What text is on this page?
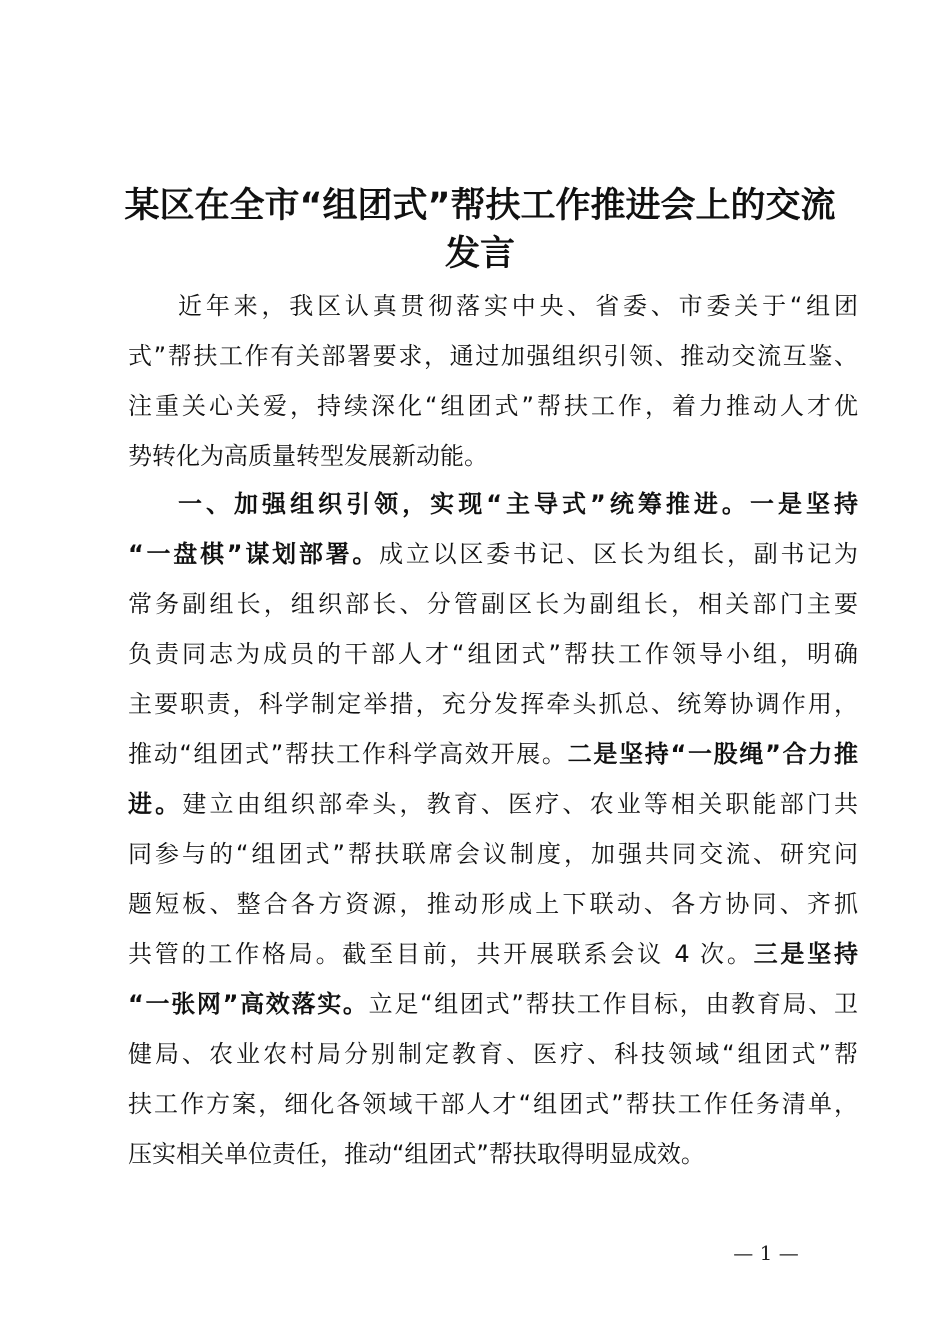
某区在全市“组团式”帮扶工作推进会上的交流
发言
近年来，我区认真贯彻落实中央、省委、市委关于“组团
式”帮扶工作有关部署要求，通过加强组织引领、推动交流互鉴、
注重关心关爱，持续深化“组团式”帮扶工作，着力推动人才优
势转化为高质量转型发展新动能。
一、加强组织引领，实现“主导式”统筹推进。一是坚持
“一盘棋”谋划部署。成立以区委书记、区长为组长，副书记为
常务副组长，组织部长、分管副区长为副组长，相关部门主要
负责同志为成员的干部人才“组团式”帮扶工作领导小组，明确
主要职责，科学制定举措，充分发挥牵头抓总、统筹协调作用，
推动“组团式”帮扶工作科学高效开展。二是坚持“一股绳”合力推
进。建立由组织部牵头，教育、医疗、农业等相关职能部门共
同参与的“组团式”帮扶联席会议制度，加强共同交流、研究问
题短板、整合各方资源，推动形成上下联动、各方协同、齐抓
共管的工作格局。截至目前，共开展联系会议 4 次。三是坚持
“一张网”高效落实。立足“组团式”帮扶工作目标，由教育局、卫
健局、农业农村局分别制定教育、医疗、科技领域“组团式”帮
扶工作方案，细化各领域干部人才“组团式”帮扶工作任务清单，
压实相关单位责任，推动“组团式”帮扶取得明显成效。
— 1 —
